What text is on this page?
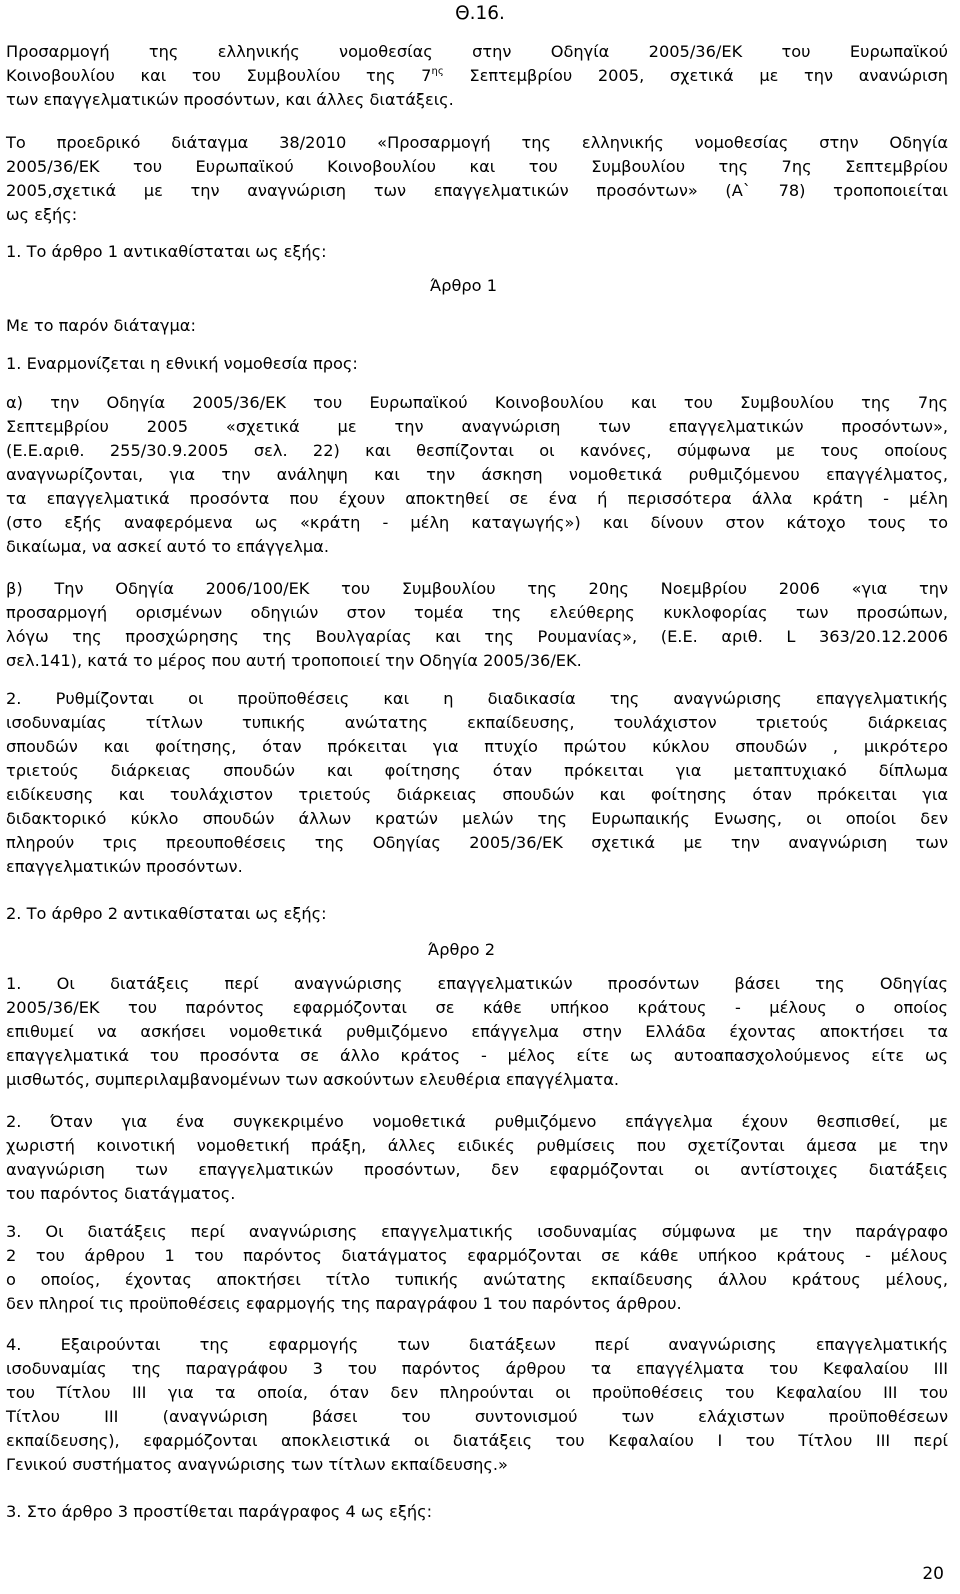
Θ.16.
Προσαρμογή της ελληνικής νομοθεσίας στην Οδηγία 2005/36/ΕΚ του Ευρωπαϊκού
Κοινοβουλίου και του Συμβουλίου της $7^{\eta\varsigma}$ Σεπτεμβρίου 2005, σχετικά με την ανανώριση
των επαγγελματικών προσόντων, και άλλες διατάξεις.
Το προεδρικό διάταγμα 38/2010 «Προσαρμογή της ελληνικής νομοθεσίας στην Οδηγία
2005/36/ΕΚ του Ευρωπαϊκού Κοινοβουλίου και του Συμβουλίου της 7ης Σεπτεμβρίου
2005,σχετικά με την αναγνώριση των επαγγελματικών προσόντων» (Α` 78) τροποποιείται
ως εξής:
1. Το άρθρο 1 αντικαθίσταται ως εξής:
Άρθρο 1
Με το παρόν διάταγμα:
1. Εναρμονίζεται η εθνική νομοθεσία προς:
α) την Οδηγία 2005/36/ΕΚ του Ευρωπαϊκού Κοινοβουλίου και του Συμβουλίου της 7ης
Σεπτεμβρίου 2005 «σχετικά με την αναγνώριση των επαγγελματικών προσόντων»,
(Ε.Ε.αριθ. 255/30.9.2005 σελ. 22) και θεσπίζονται οι κανόνες, σύμφωνα με τους οποίους
αναγνωρίζονται, για την ανάληψη και την άσκηση νομοθετικά ρυθμιζόμενου επαγγέλματος,
τα επαγγελματικά προσόντα που έχουν αποκτηθεί σε ένα ή περισσότερα άλλα κράτη - μέλη
(στο εξής αναφερόμενα ως «κράτη - μέλη καταγωγής») και δίνουν στον κάτοχο τους το
δικαίωμα, να ασκεί αυτό το επάγγελμα.
β) Την Οδηγία 2006/100/ΕΚ του Συμβουλίου της 20ης Νοεμβρίου 2006 «για την
προσαρμογή ορισμένων οδηγιών στον τομέα της ελεύθερης κυκλοφορίας των προσώπων,
λόγω της προσχώρησης της Βουλγαρίας και της Ρουμανίας», (Ε.Ε. αριθ. L 363/20.12.2006
σελ.141), κατά το μέρος που αυτή τροποποιεί την Οδηγία 2005/36/ΕΚ.
2. Ρυθμίζονται οι προϋποθέσεις και η διαδικασία της αναγνώρισης επαγγελματικής
ισοδυναμίας τίτλων τυπικής ανώτατης εκπαίδευσης, τουλάχιστον τριετούς διάρκειας
σπουδών και φοίτησης, όταν πρόκειται για πτυχίο πρώτου κύκλου σπουδών , μικρότερο
τριετούς διάρκειας σπουδών και φοίτησης όταν πρόκειται για μεταπτυχιακό δίπλωμα
ειδίκευσης και τουλάχιστον τριετούς διάρκειας σπουδών και φοίτησης όταν πρόκειται για
διδακτορικό κύκλο σπουδών άλλων κρατών μελών της Ευρωπαικής Ενωσης, οι οποίοι δεν
πληρούν τρις πρεουποθέσεις της Οδηγίας 2005/36/ΕΚ σχετικά με την αναγνώριση των
επαγγελματικών προσόντων.
2. Το άρθρο 2 αντικαθίσταται ως εξής:
Άρθρο 2
1. Οι διατάξεις περί αναγνώρισης επαγγελματικών προσόντων βάσει της Οδηγίας
2005/36/ΕΚ του παρόντος εφαρμόζονται σε κάθε υπήκοο κράτους - μέλους ο οποίος
επιθυμεί να ασκήσει νομοθετικά ρυθμιζόμενο επάγγελμα στην Ελλάδα έχοντας αποκτήσει τα
επαγγελματικά του προσόντα σε άλλο κράτος - μέλος είτε ως αυτοαπασχολούμενος είτε ως
μισθωτός, συμπεριλαμβανομένων των ασκούντων ελευθέρια επαγγέλματα.
2. Όταν για ένα συγκεκριμένο νομοθετικά ρυθμιζόμενο επάγγελμα έχουν θεσπισθεί, με
χωριστή κοινοτική νομοθετική πράξη, άλλες ειδικές ρυθμίσεις που σχετίζονται άμεσα με την
αναγνώριση των επαγγελματικών προσόντων, δεν εφαρμόζονται οι αντίστοιχες διατάξεις
του παρόντος διατάγματος.
3. Οι διατάξεις περί αναγνώρισης επαγγελματικής ισοδυναμίας σύμφωνα με την παράγραφο
2 του άρθρου 1 του παρόντος διατάγματος εφαρμόζονται σε κάθε υπήκοο κράτους - μέλους
ο οποίος, έχοντας αποκτήσει τίτλο τυπικής ανώτατης εκπαίδευσης άλλου κράτους μέλους,
δεν πληροί τις προϋποθέσεις εφαρμογής της παραγράφου 1 του παρόντος άρθρου.
4. Εξαιρούνται της εφαρμογής των διατάξεων περί αναγνώρισης επαγγελματικής
ισοδυναμίας της παραγράφου 3 του παρόντος άρθρου τα επαγγέλματα του Κεφαλαίου ΙΙΙ
του Τίτλου ΙΙΙ για τα οποία, όταν δεν πληρούνται οι προϋποθέσεις του Κεφαλαίου ΙΙΙ του
Τίτλου ΙΙΙ (αναγνώριση βάσει του συντονισμού των ελάχιστων προϋποθέσεων
εκπαίδευσης), εφαρμόζονται αποκλειστικά οι διατάξεις του Κεφαλαίου Ι του Τίτλου ΙΙΙ περί
Γενικού συστήματος αναγνώρισης των τίτλων εκπαίδευσης.»
3. Στο άρθρο 3 προστίθεται παράγραφος 4 ως εξής:
20
